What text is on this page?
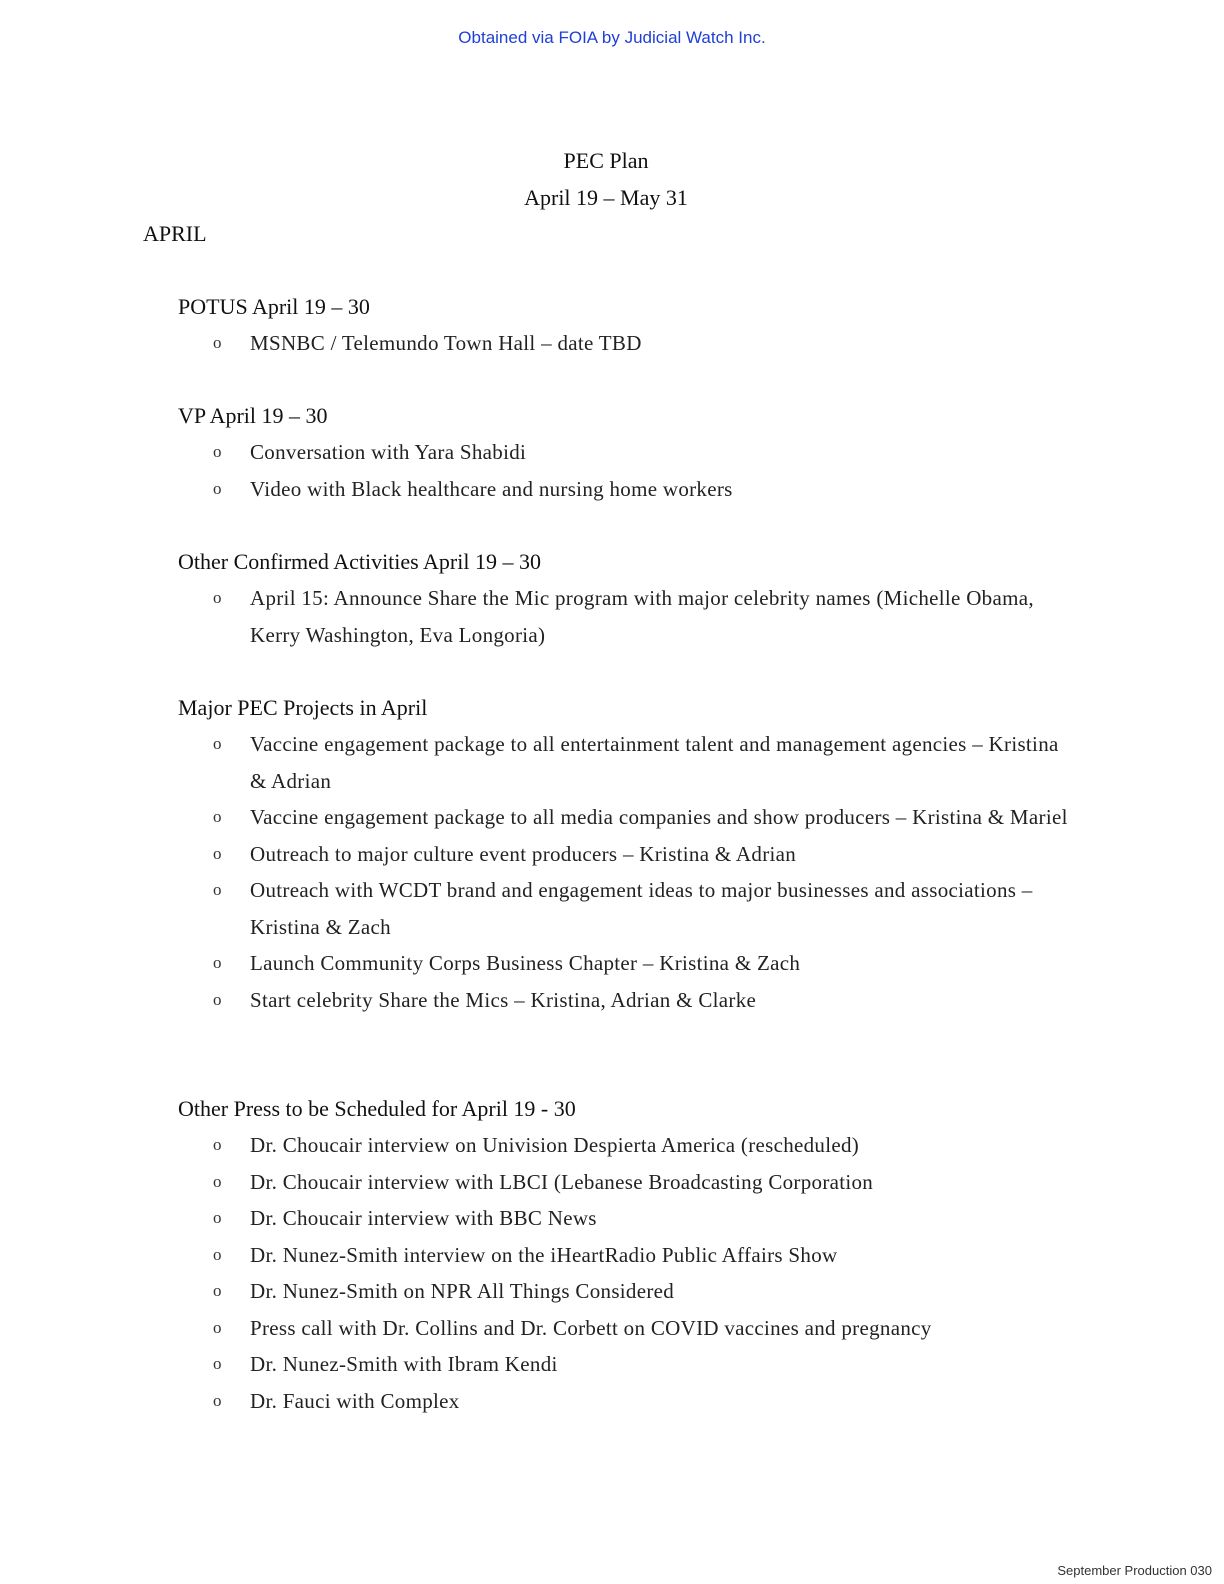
Obtained via FOIA by Judicial Watch Inc.
PEC Plan
April 19 – May 31
APRIL
POTUS April 19 – 30
o MSNBC / Telemundo Town Hall – date TBD
VP April 19 – 30
o Conversation with Yara Shabidi
o Video with Black healthcare and nursing home workers
Other Confirmed Activities April 19 – 30
o April 15: Announce Share the Mic program with major celebrity names (Michelle Obama, Kerry Washington, Eva Longoria)
Major PEC Projects in April
o Vaccine engagement package to all entertainment talent and management agencies – Kristina & Adrian
o Vaccine engagement package to all media companies and show producers – Kristina & Mariel
o Outreach to major culture event producers – Kristina & Adrian
o Outreach with WCDT brand and engagement ideas to major businesses and associations – Kristina & Zach
o Launch Community Corps Business Chapter – Kristina & Zach
o Start celebrity Share the Mics – Kristina, Adrian & Clarke
Other Press to be Scheduled for April 19 - 30
o Dr. Choucair interview on Univision Despierta America (rescheduled)
o Dr. Choucair interview with LBCI (Lebanese Broadcasting Corporation
o Dr. Choucair interview with BBC News
o Dr. Nunez-Smith interview on the iHeartRadio Public Affairs Show
o Dr. Nunez-Smith on NPR All Things Considered
o Press call with Dr. Collins and Dr. Corbett on COVID vaccines and pregnancy
o Dr. Nunez-Smith with Ibram Kendi
o Dr. Fauci with Complex
September Production 030
